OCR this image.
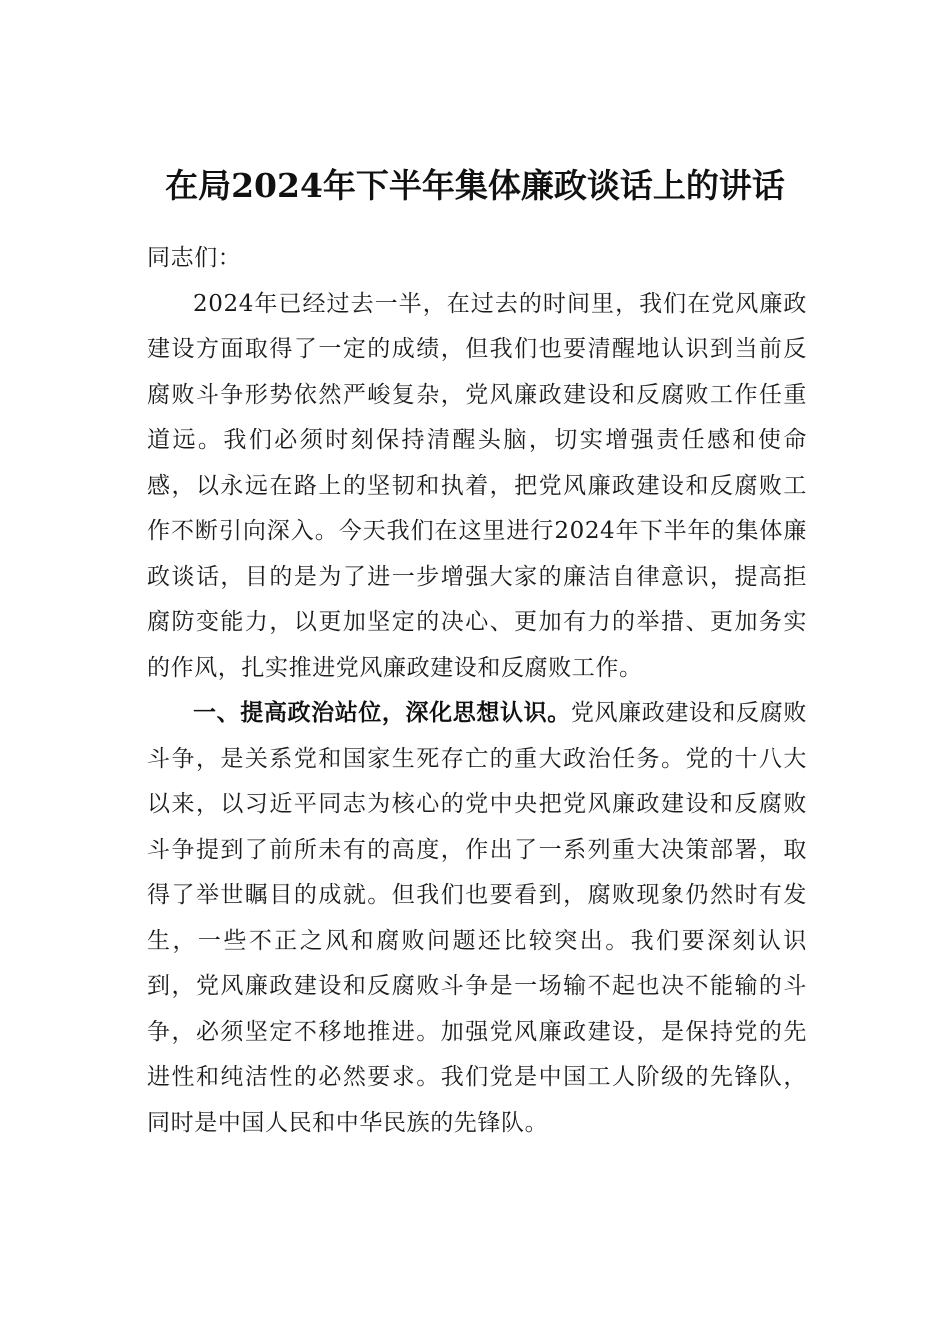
在局2024年下半年集体廉政谈话上的讲话

同志们：

2024年已经过去一半，在过去的时间里，我们在党风廉政建设方面取得了一定的成绩，但我们也要清醒地认识到当前反腐败斗争形势依然严峻复杂，党风廉政建设和反腐败工作任重道远。我们必须时刻保持清醒头脑，切实增强责任感和使命感，以永远在路上的坚韧和执着，把党风廉政建设和反腐败工作不断引向深入。今天我们在这里进行2024年下半年的集体廉政谈话，目的是为了进一步增强大家的廉洁自律意识，提高拒腐防变能力，以更加坚定的决心、更加有力的举措、更加务实的作风，扎实推进党风廉政建设和反腐败工作。

一、提高政治站位，深化思想认识。党风廉政建设和反腐败斗争，是关系党和国家生死存亡的重大政治任务。党的十八大以来，以习近平同志为核心的党中央把党风廉政建设和反腐败斗争提到了前所未有的高度，作出了一系列重大决策部署，取得了举世瞩目的成就。但我们也要看到，腐败现象仍然时有发生，一些不正之风和腐败问题还比较突出。我们要深刻认识到，党风廉政建设和反腐败斗争是一场输不起也决不能输的斗争，必须坚定不移地推进。加强党风廉政建设，是保持党的先进性和纯洁性的必然要求。我们党是中国工人阶级的先锋队，同时是中国人民和中华民族的先锋队。
